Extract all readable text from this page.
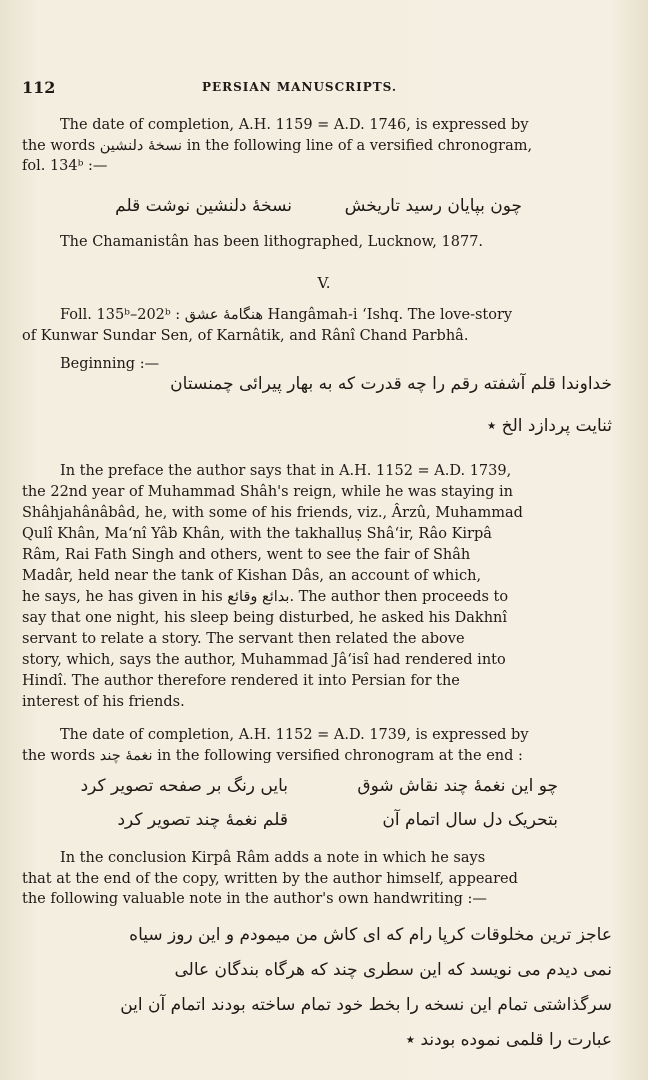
112	PERSIAN MANUSCRIPTS.
The date of completion, A.H. 1159 = A.D. 1746, is expressed by
the words نسخهٔ دلنشین in the following line of a versified chronogram,
fol. 134ᵇ :—
چون بپایان رسید تاریخش
نسخهٔ دلنشین نوشت قلم
The Chamanistân has been lithographed, Lucknow, 1877.
V.
Foll. 135ᵇ–202ᵇ : هنگامهٔ عشق Hangâmah-i ‘Ishq. The love-story
of Kunwar Sundar Sen, of Karnâtik, and Rânî Chand Parbhâ.
Beginning :—
خداوندا قلم آشفته رقم را چه قدرت که به بهار پیرائی چمنستان
ثنایت پردازد الخ ٭
In the preface the author says that in A.H. 1152 = A.D. 1739,
the 22nd year of Muhammad Shâh's reign, while he was staying in
Shâhjahânâbâd, he, with some of his friends, viz., Ârzû, Muhammad
Qulî Khân, Ma‘nî Yâb Khân, with the takhalluṣ Shâ‘ir, Râo Kirpâ
Râm, Rai Fath Singh and others, went to see the fair of Shâh
Madâr, held near the tank of Kishan Dâs, an account of which,
he says, he has given in his بدائع وقائع. The author then proceeds to
say that one night, his sleep being disturbed, he asked his Dakhnî
servant to relate a story. The servant then related the above
story, which, says the author, Muhammad Jâ‘isî had rendered into
Hindî. The author therefore rendered it into Persian for the
interest of his friends.
The date of completion, A.H. 1152 = A.D. 1739, is expressed by
the words نغمهٔ چند in the following versified chronogram at the end :
چو این نغمهٔ چند نقاش شوق
بایں رنگ بر صفحه تصویر کرد
بتحریک دل سال اتمام آن
قلم نغمهٔ چند تصویر کرد
In the conclusion Kirpâ Râm adds a note in which he says
that at the end of the copy, written by the author himself, appeared
the following valuable note in the author's own handwriting :—
عاجز ترین مخلوقات کرپا رام که ای کاش من میمودم و این روز سیاه
نمی دیدم می نویسد که این سطری چند که هرگاه بندگان عالی
سرگذاشتی تمام این نسخه را بخط خود تمام ساخته بودند اتمام آن این
عبارت را قلمی نموده بودند ٭
